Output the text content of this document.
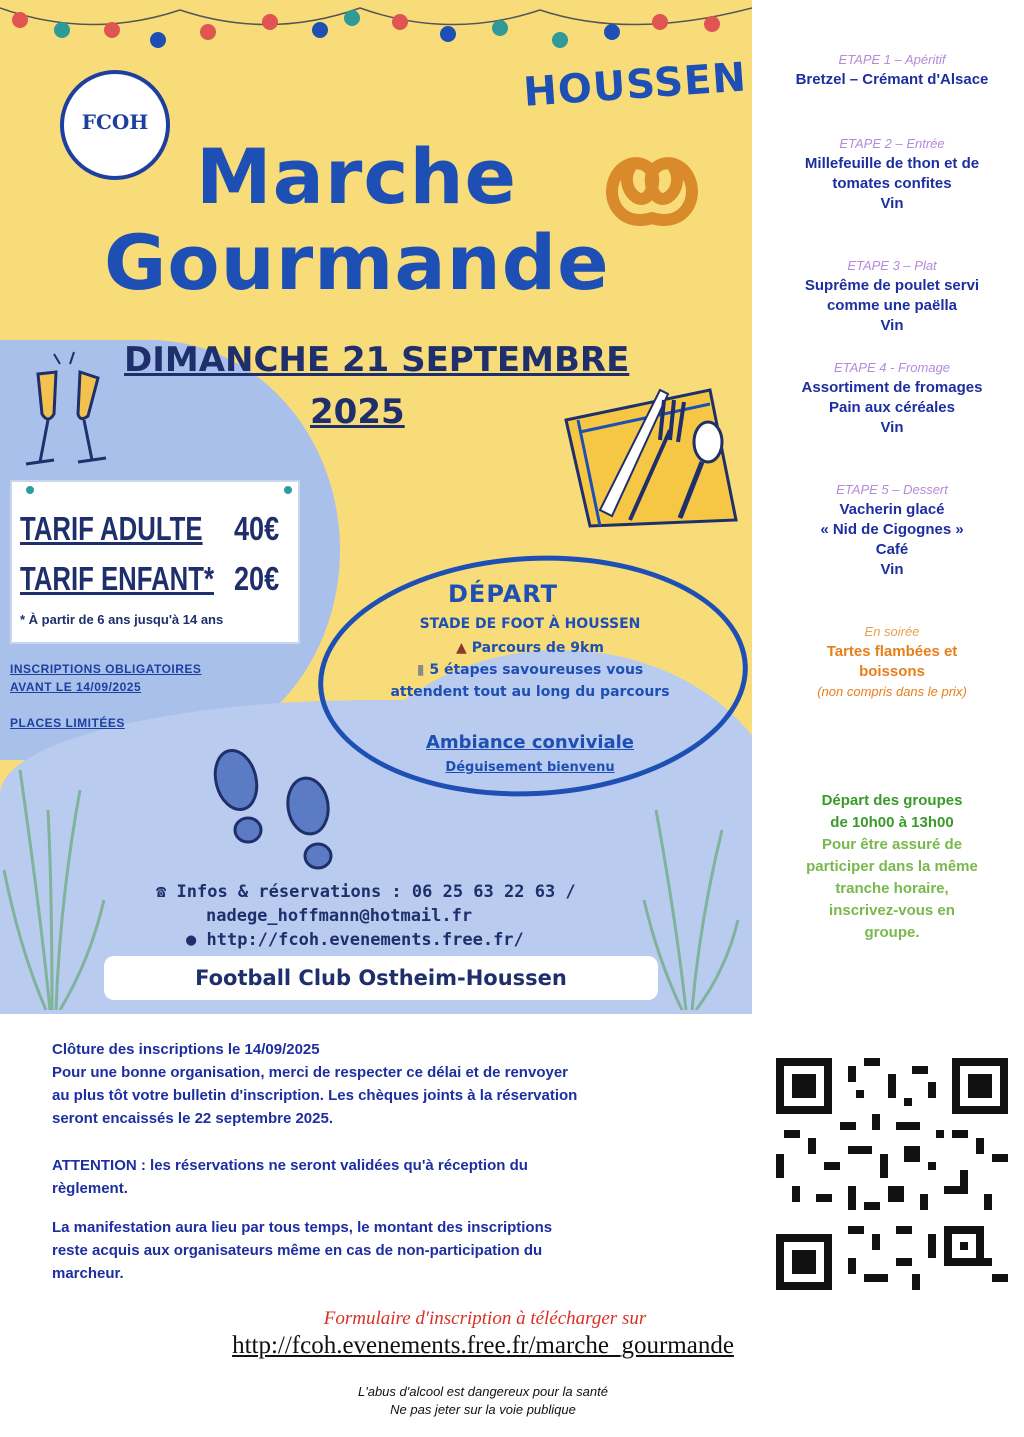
FCOH
HOUSSEN
Marche
Gourmande
TARIF ADULTE 40€
TARIF ENFANT* 20€
* À partir de 6 ans jusqu'à 14 ans
INSCRIPTIONS OBLIGATOIRES
AVANT LE 14/09/2025
PLACES LIMITÉES
DIMANCHE 21 SEPTEMBRE
2025
DÉPART
STADE DE FOOT À HOUSSEN
▲ Parcours de 9km
▮ 5 étapes savoureuses vous
attendent tout au long du parcours
Ambiance conviviale
Déguisement bienvenu
☎ Infos & réservations : 06 25 63 22 63 /
nadege_hoffmann@hotmail.fr
● http://fcoh.evenements.free.fr/
Football Club Ostheim-Houssen
ETAPE 1 – Apéritif
Bretzel – Crémant d'Alsace
ETAPE 2 – Entrée
Millefeuille de thon et de
tomates confites
Vin
ETAPE 3 – Plat
Suprême de poulet servi
comme une paëlla
Vin
ETAPE 4 - Fromage
Assortiment de fromages
Pain aux céréales
Vin
ETAPE 5 – Dessert
Vacherin glacé
« Nid de Cigognes »
Café
Vin
En soirée
Tartes flambées et
boissons
(non compris dans le prix)
Départ des groupes
de 10h00 à 13h00
Pour être assuré de
participer dans la même
tranche horaire,
inscrivez-vous en
groupe.
Clôture des inscriptions le 14/09/2025
Pour une bonne organisation, merci de respecter ce délai et de renvoyer
au plus tôt votre bulletin d'inscription. Les chèques joints à la réservation
seront encaissés le 22 septembre 2025.
ATTENTION : les réservations ne seront validées qu'à réception du
règlement.
La manifestation aura lieu par tous temps, le montant des inscriptions
reste acquis aux organisateurs même en cas de non-participation du
marcheur.
Formulaire d'inscription à télécharger sur
http://fcoh.evenements.free.fr/marche_gourmande
L'abus d'alcool est dangereux pour la santé
Ne pas jeter sur la voie publique
